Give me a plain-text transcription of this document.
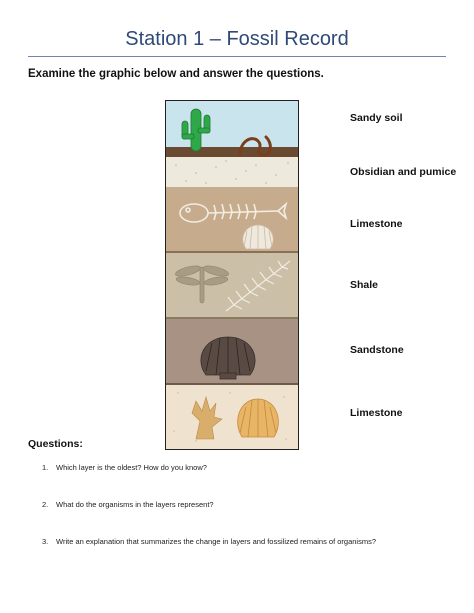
Station 1 – Fossil Record
Examine the graphic below and answer the questions.
Sandy soil
Obsidian and pumice
Limestone
Shale
Sandstone
Limestone
Questions:
1. Which layer is the oldest? How do you know?
2. What do the organisms in the layers represent?
3. Write an explanation that summarizes the change in layers and fossilized remains of organisms?
